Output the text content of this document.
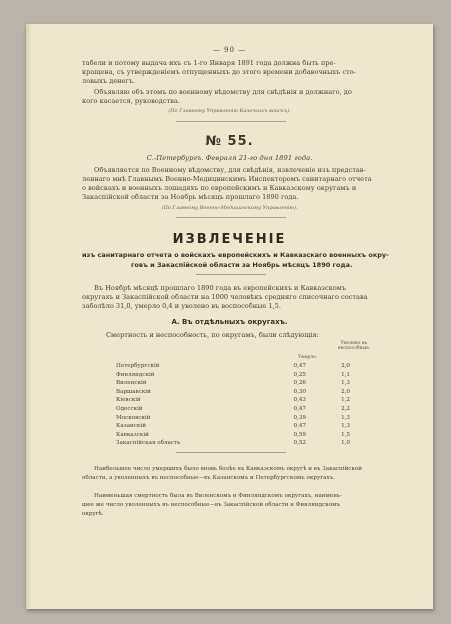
— 90 —

табели и потому выдача ихъ съ 1-го Января 1891 года должна быть пре-

кращена, съ утвержденіемъ отпущенныхъ до этого времени добавочныхъ сто-

ловыхъ денегъ.

Объявляю объ этомъ по военному вѣдомству для свѣдѣнія и должнаго, до

кого касается, руководства.

(По Главному Управленію Казачьихъ войскъ).

№ 55.

С.-Петербургъ. Февраля 21-го дня 1891 года.

Объявляется по Военному вѣдомству, для свѣдѣнія, извлеченіе изъ представ-

леннаго мнѣ Главнымъ Военно-Медицинскимъ Инспекторомъ санитарнаго отчета

о войскахъ и военныхъ лошадяхъ по европейскимъ и Кавказскому округамъ и

Закаспійской области за Ноябрь мѣсяцъ прошлаго 1890 года.

(По Главному Военно-Медицинскому Управленію).

ИЗВЛЕЧЕНІЕ

изъ санитарнаго отчета о войскахъ европейскихъ и Кавказскаго военныхъ окру-

говъ и Закаспійской области за Ноябрь мѣсяцъ 1890 года.

Въ Ноябрѣ мѣсяцѣ прошлаго 1890 года въ европейскихъ и Кавказскомъ

округахъ и Закаспійской области на 1000 человѣкъ средняго списочнаго состава

заболѣло 31,0, умерло 0,4 и уволено въ воспособные 1,5.

А. Въ отдѣльныхъ округахъ.

Смертность и неспособность, по округамъ, были слѣдующія:

Умерло.

Уволено въ неспособные.

Петербургскій	0,47	2,0
Финляндскій	0,25	1,1
Виленскій	0,26	1,3
Варшавскій	0,30	2,0
Кіевскій	0,43	1,2
Одесскій	0,47	2,2
Московскій	0,39	1,3
Казанскій	0,47	1,3
Кавказскій	0,59	1,5
Закаспійская область	0,52	1,0

Наибольшее число умершихъ было вновь болѣе въ Кавказскомъ округѣ и въ Закаспійской

области, а уволенныхъ въ неспособные—въ Казанскомъ и Петербургскомъ округахъ.

Наименьшая смертность была въ Виленскомъ и Финляндскомъ округахъ, наимень-

шее же число уволенныхъ въ неспособные—въ Закаспійской области и Финляндскомъ

округѣ.
